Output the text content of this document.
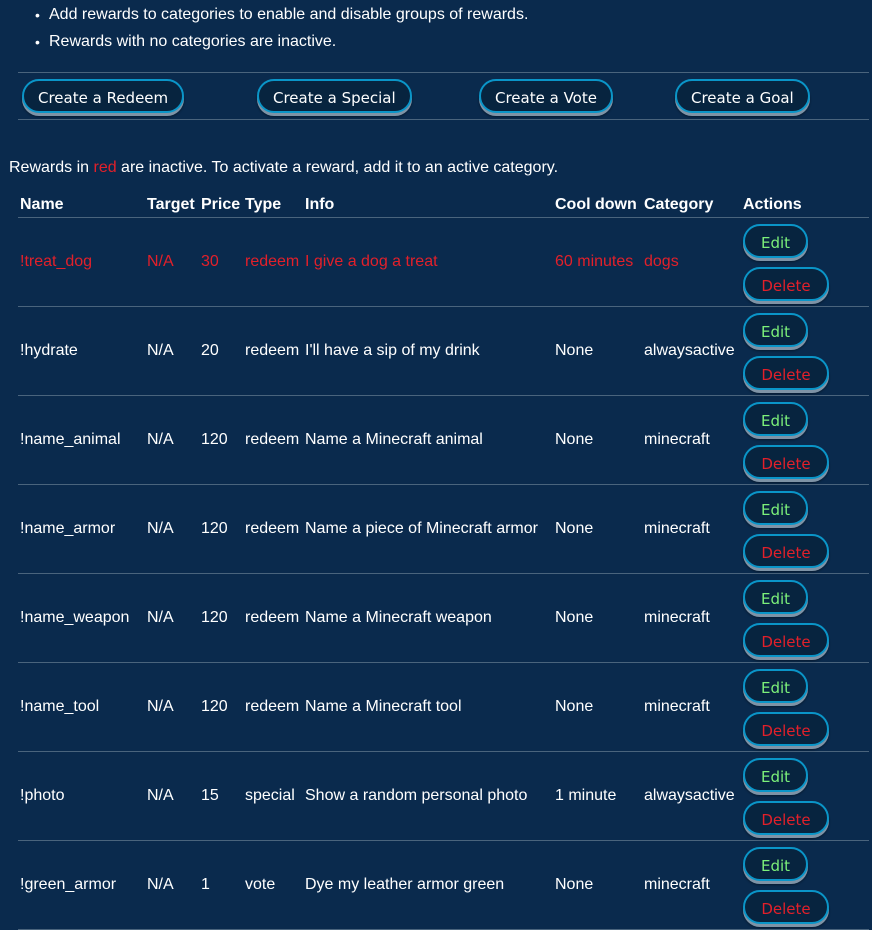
• Add rewards to categories to enable and disable groups of rewards.
• Rewards with no categories are inactive.
Create a Redeem	Create a Special	Create a Vote	Create a Goal
Rewards in red are inactive. To activate a reward, add it to an active category.
Name	Target	Price	Type	Info	Cool down	Category	Actions
!treat_dog	N/A	30	redeem	I give a dog a treat	60 minutes	dogs	Edit
Delete

!hydrate	N/A	20	redeem	I'll have a sip of my drink	None	alwaysactive	Edit
Delete

!name_animal	N/A	120	redeem	Name a Minecraft animal	None	minecraft	Edit
Delete

!name_armor	N/A	120	redeem	Name a piece of Minecraft armor	None	minecraft	Edit
Delete

!name_weapon	N/A	120	redeem	Name a Minecraft weapon	None	minecraft	Edit
Delete

!name_tool	N/A	120	redeem	Name a Minecraft tool	None	minecraft	Edit
Delete

!photo	N/A	15	special	Show a random personal photo	1 minute	alwaysactive	Edit
Delete

!green_armor	N/A	1	vote	Dye my leather armor green	None	minecraft	Edit
Delete
